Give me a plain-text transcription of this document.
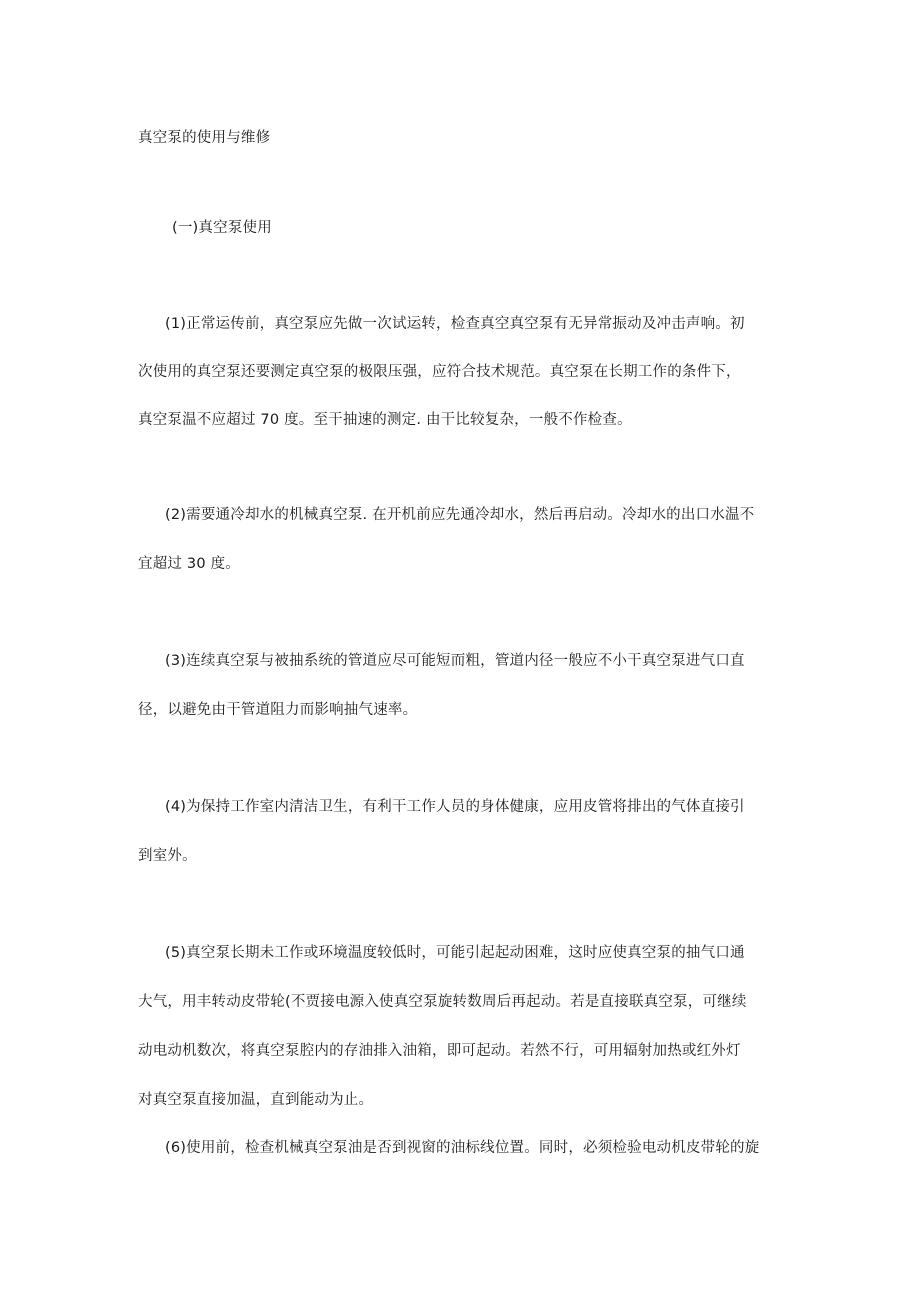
真空泵的使用与维修
(一)真空泵使用
(1)正常运传前，真空泵应先做一次试运转，检查真空真空泵有无异常振动及冲击声响。初
次使用的真空泵还要测定真空泵的极限压强，应符合技术规范。真空泵在长期工作的条件下，
真空泵温不应超过 70 度。至干抽速的测定. 由干比较复杂，一般不作检查。
(2)需要通冷却水的机械真空泵. 在开机前应先通冷却水，然后再启动。冷却水的出口水温不
宜超过 30 度。
(3)连续真空泵与被抽系统的管道应尽可能短而粗，管道内径一般应不小干真空泵进气口直
径，以避免由干管道阻力而影响抽气速率。
(4)为保持工作室内清洁卫生，有利干工作人员的身体健康，应用皮管将排出的气体直接引
到室外。
(5)真空泵长期未工作或环境温度较低时，可能引起起动困难，这时应使真空泵的抽气口通
大气，用丰转动皮带轮(不贾接电源入使真空泵旋转数周后再起动。若是直接联真空泵，可继续
动电动机数次，将真空泵腔内的存油排入油箱，即可起动。若然不行，可用辐射加热或红外灯
对真空泵直接加温，直到能动为止。
(6)使用前，检查机械真空泵油是否到视窗的油标线位置。同时，必须检验电动机皮带轮的旋
